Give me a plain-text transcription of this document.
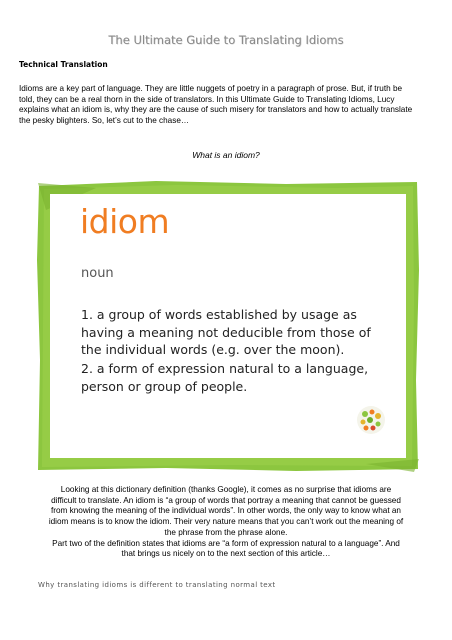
The Ultimate Guide to Translating Idioms
Technical Translation

Idioms are a key part of language. They are little nuggets of poetry in a paragraph of prose. But, if truth be told, they can be a real thorn in the side of translators. In this Ultimate Guide to Translating Idioms, Lucy explains what an idiom is, why they are the cause of such misery for translators and how to actually translate the pesky blighters. So, let’s cut to the chase…

What is an idiom?
idiom
noun
1. a group of words established by usage as having a meaning not deducible from those of the individual words (e.g. over the moon).
2. a form of expression natural to a language, person or group of people.

Looking at this dictionary definition (thanks Google), it comes as no surprise that idioms are
difficult to translate. An idiom is “a group of words that portray a meaning that cannot be guessed
from knowing the meaning of the individual words”. In other words, the only way to know what an
idiom means is to know the idiom. Their very nature means that you can’t work out the meaning of
the phrase from the phrase alone.
Part two of the definition states that idioms are “a form of expression natural to a language”. And
that brings us nicely on to the next section of this article…

Why translating idioms is different to translating normal text
